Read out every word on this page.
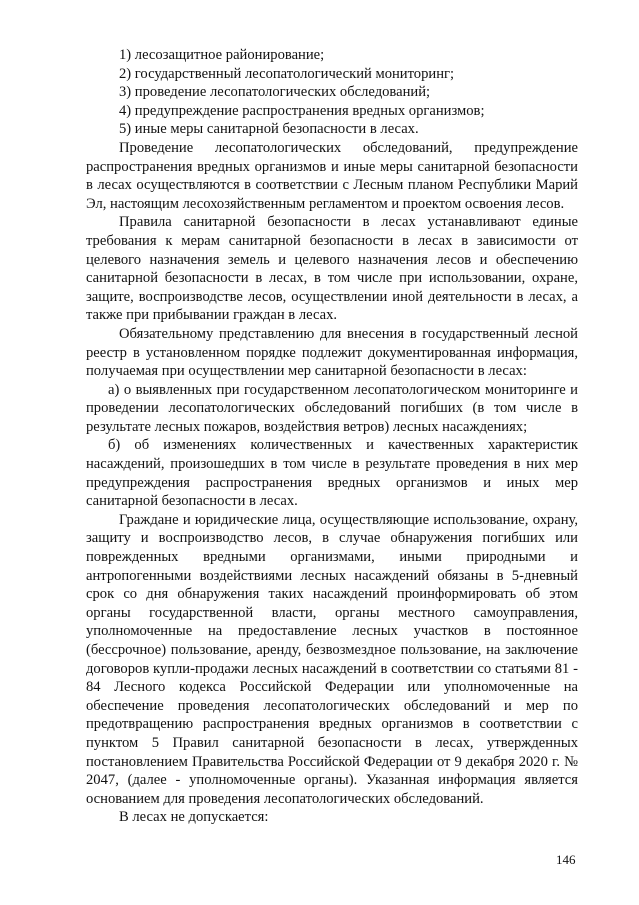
1) лесозащитное районирование;

2) государственный лесопатологический мониторинг;

3) проведение лесопатологических обследований;

4) предупреждение распространения вредных организмов;

5) иные меры санитарной безопасности в лесах.

Проведение лесопатологических обследований, предупреждение распространения вредных организмов и иные меры санитарной безопасности в лесах осуществляются в соответствии с Лесным планом Республики Марий Эл, настоящим лесохозяйственным регламентом и проектом освоения лесов.

Правила санитарной безопасности в лесах устанавливают единые требования к мерам санитарной безопасности в лесах в зависимости от целевого назначения земель и целевого назначения лесов и обеспечению санитарной безопасности в лесах, в том числе при использовании, охране, защите, воспроизводстве лесов, осуществлении иной деятельности в лесах, а также при прибывании граждан в лесах.

Обязательному представлению для внесения в государственный лесной реестр в установленном порядке подлежит документированная информация, получаемая при осуществлении мер санитарной безопасности в лесах:

а) о выявленных при государственном лесопатологическом мониторинге и проведении лесопатологических обследований погибших (в том числе в результате лесных пожаров, воздействия ветров) лесных насаждениях;

б) об изменениях количественных и качественных характеристик насаждений, произошедших в том числе в результате проведения в них мер предупреждения распространения вредных организмов и иных мер санитарной безопасности в лесах.

Граждане и юридические лица, осуществляющие использование, охрану, защиту и воспроизводство лесов, в случае обнаружения погибших или поврежденных вредными организмами, иными природными и антропогенными воздействиями лесных насаждений обязаны в 5-дневный срок со дня обнаружения таких насаждений проинформировать об этом органы государственной власти, органы местного самоуправления, уполномоченные на предоставление лесных участков в постоянное (бессрочное) пользование, аренду, безвозмездное пользование, на заключение договоров купли-продажи лесных насаждений в соответствии со статьями 81 - 84 Лесного кодекса Российской Федерации или уполномоченные на обеспечение проведения лесопатологических обследований и мер по предотвращению распространения вредных организмов в соответствии с пунктом 5 Правил санитарной безопасности в лесах, утвержденных постановлением Правительства Российской Федерации от 9 декабря 2020 г. № 2047, (далее - уполномоченные органы). Указанная информация является основанием для проведения лесопатологических обследований.

В лесах не допускается:

146
